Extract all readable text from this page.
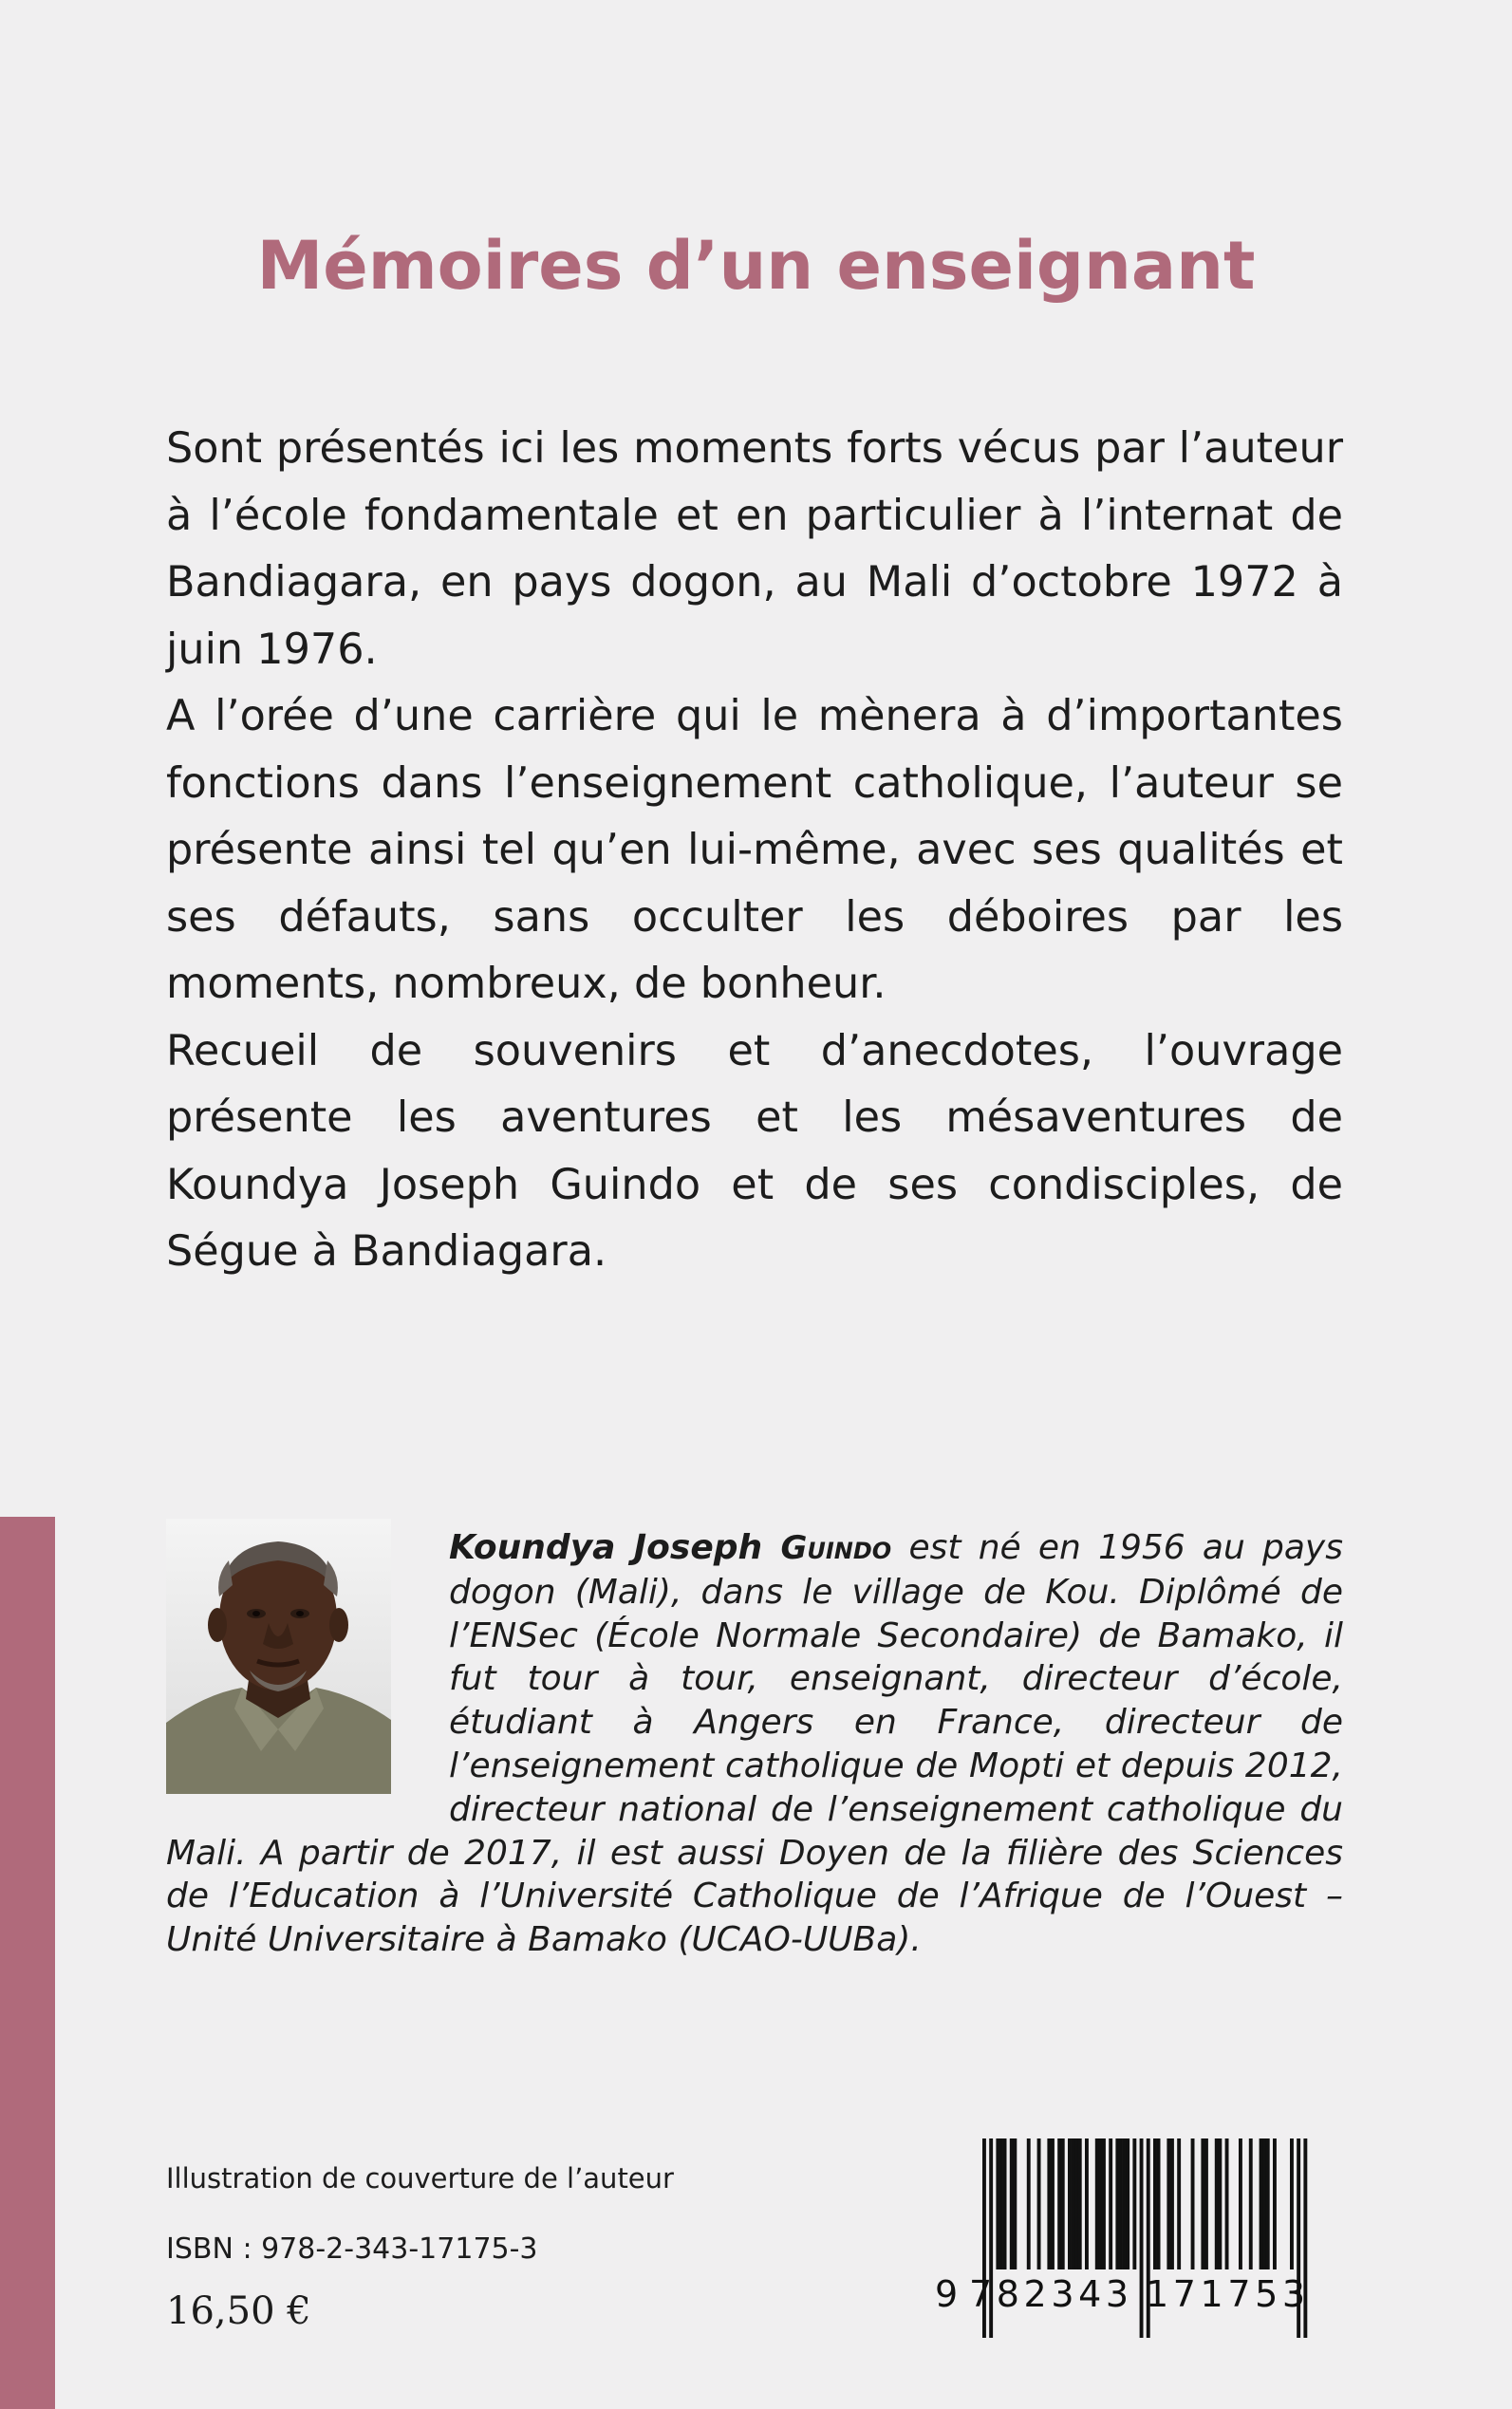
Mémoires d’un enseignant

Sont présentés ici les moments forts vécus par l’auteur à l’école fondamentale et en particulier à l’internat de Bandiagara, en pays dogon, au Mali d’octobre 1972 à juin 1976.

A l’orée d’une carrière qui le mènera à d’importantes fonctions dans l’enseignement catholique, l’auteur se présente ainsi tel qu’en lui-même, avec ses qualités et ses défauts, sans occulter les déboires par les moments, nombreux, de bonheur.

Recueil de souvenirs et d’anecdotes, l’ouvrage présente les aventures et les mésaventures de Koundya Joseph Guindo et de ses condisciples, de Ségue à Bandiagara.

Koundya Joseph Guindo est né en 1956 au pays dogon (Mali), dans le village de Kou. Diplômé de l’ENSec (École Normale Secondaire) de Bamako, il fut tour à tour, enseignant, directeur d’école, étudiant à Angers en France, directeur de l’enseignement catholique de Mopti et depuis 2012, directeur national de l’enseignement catholique du Mali. A partir de 2017, il est aussi Doyen de la filière des Sciences de l’Education à l’Université Catholique de l’Afrique de l’Ouest – Unité Universitaire à Bamako (UCAO-UUBa).

Illustration de couverture de l’auteur
ISBN : 978-2-343-17175-3
16,50 €	9 782343 171753
